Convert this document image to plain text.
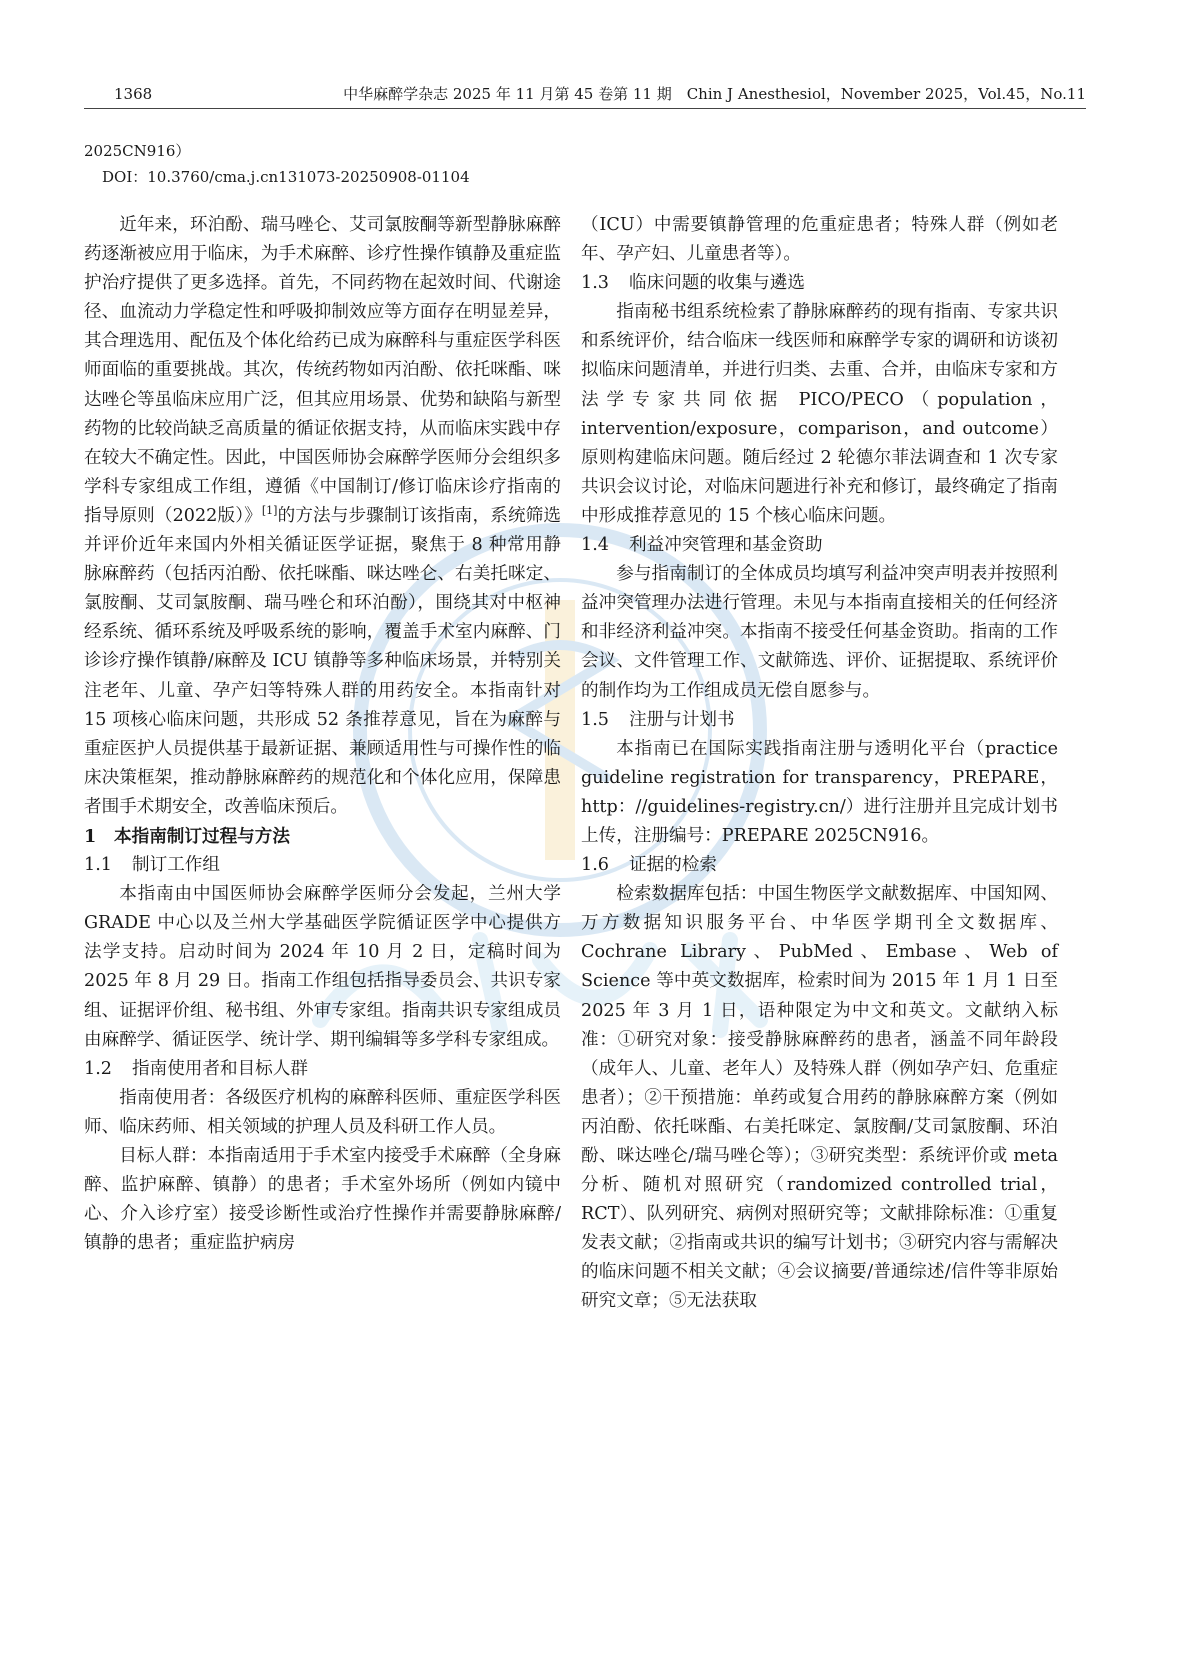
1368	中华麻醉学杂志 2025 年 11 月第 45 卷第 11 期　Chin J Anesthesiol，November 2025，Vol.45，No.11
2025CN916）
DOI：10.3760/cma.j.cn131073-20250908-01104

近年来，环泊酚、瑞马唑仑、艾司氯胺酮等新型静脉麻醉药逐渐被应用于临床，为手术麻醉、诊疗性操作镇静及重症监护治疗提供了更多选择。首先，不同药物在起效时间、代谢途径、血流动力学稳定性和呼吸抑制效应等方面存在明显差异，其合理选用、配伍及个体化给药已成为麻醉科与重症医学科医师面临的重要挑战。其次，传统药物如丙泊酚、依托咪酯、咪达唑仑等虽临床应用广泛，但其应用场景、优势和缺陷与新型药物的比较尚缺乏高质量的循证依据支持，从而临床实践中存在较大不确定性。因此，中国医师协会麻醉学医师分会组织多学科专家组成工作组，遵循《中国制订/修订临床诊疗指南的指导原则（2022版）》[1]的方法与步骤制订该指南，系统筛选并评价近年来国内外相关循证医学证据，聚焦于 8 种常用静脉麻醉药（包括丙泊酚、依托咪酯、咪达唑仑、右美托咪定、氯胺酮、艾司氯胺酮、瑞马唑仑和环泊酚），围绕其对中枢神经系统、循环系统及呼吸系统的影响，覆盖手术室内麻醉、门诊诊疗操作镇静/麻醉及 ICU 镇静等多种临床场景，并特别关注老年、儿童、孕产妇等特殊人群的用药安全。本指南针对 15 项核心临床问题，共形成 52 条推荐意见，旨在为麻醉与重症医护人员提供基于最新证据、兼顾适用性与可操作性的临床决策框架，推动静脉麻醉药的规范化和个体化应用，保障患者围手术期安全，改善临床预后。

1 本指南制订过程与方法
1.1 制订工作组

本指南由中国医师协会麻醉学医师分会发起，兰州大学 GRADE 中心以及兰州大学基础医学院循证医学中心提供方法学支持。启动时间为 2024 年 10 月 2 日，定稿时间为 2025 年 8 月 29 日。指南工作组包括指导委员会、共识专家组、证据评价组、秘书组、外审专家组。指南共识专家组成员由麻醉学、循证医学、统计学、期刊编辑等多学科专家组成。

1.2 指南使用者和目标人群

指南使用者：各级医疗机构的麻醉科医师、重症医学科医师、临床药师、相关领域的护理人员及科研工作人员。

目标人群：本指南适用于手术室内接受手术麻醉（全身麻醉、监护麻醉、镇静）的患者；手术室外场所（例如内镜中心、介入诊疗室）接受诊断性或治疗性操作并需要静脉麻醉/镇静的患者；重症监护病房

（ICU）中需要镇静管理的危重症患者；特殊人群（例如老年、孕产妇、儿童患者等）。

1.3 临床问题的收集与遴选

指南秘书组系统检索了静脉麻醉药的现有指南、专家共识和系统评价，结合临床一线医师和麻醉学专家的调研和访谈初拟临床问题清单，并进行归类、去重、合并，由临床专家和方法学专家共同依据 PICO/PECO（population，intervention/exposure，comparison，and outcome）原则构建临床问题。随后经过 2 轮德尔菲法调查和 1 次专家共识会议讨论，对临床问题进行补充和修订，最终确定了指南中形成推荐意见的 15 个核心临床问题。

1.4 利益冲突管理和基金资助

参与指南制订的全体成员均填写利益冲突声明表并按照利益冲突管理办法进行管理。未见与本指南直接相关的任何经济和非经济利益冲突。本指南不接受任何基金资助。指南的工作会议、文件管理工作、文献筛选、评价、证据提取、系统评价的制作均为工作组成员无偿自愿参与。

1.5 注册与计划书

本指南已在国际实践指南注册与透明化平台（practice guideline registration for transparency，PREPARE，http：//guidelines-registry.cn/）进行注册并且完成计划书上传，注册编号：PREPARE 2025CN916。

1.6 证据的检索

检索数据库包括：中国生物医学文献数据库、中国知网、万方数据知识服务平台、中华医学期刊全文数据库、Cochrane Library、PubMed、Embase、Web of Science 等中英文数据库，检索时间为 2015 年 1 月 1 日至 2025 年 3 月 1 日，语种限定为中文和英文。文献纳入标准：①研究对象：接受静脉麻醉药的患者，涵盖不同年龄段（成年人、儿童、老年人）及特殊人群（例如孕产妇、危重症患者）；②干预措施：单药或复合用药的静脉麻醉方案（例如丙泊酚、依托咪酯、右美托咪定、氯胺酮/艾司氯胺酮、环泊酚、咪达唑仑/瑞马唑仑等）；③研究类型：系统评价或 meta 分析、随机对照研究（randomized controlled trial，RCT）、队列研究、病例对照研究等；文献排除标准：①重复发表文献；②指南或共识的编写计划书；③研究内容与需解决的临床问题不相关文献；④会议摘要/普通综述/信件等非原始研究文章；⑤无法获取
